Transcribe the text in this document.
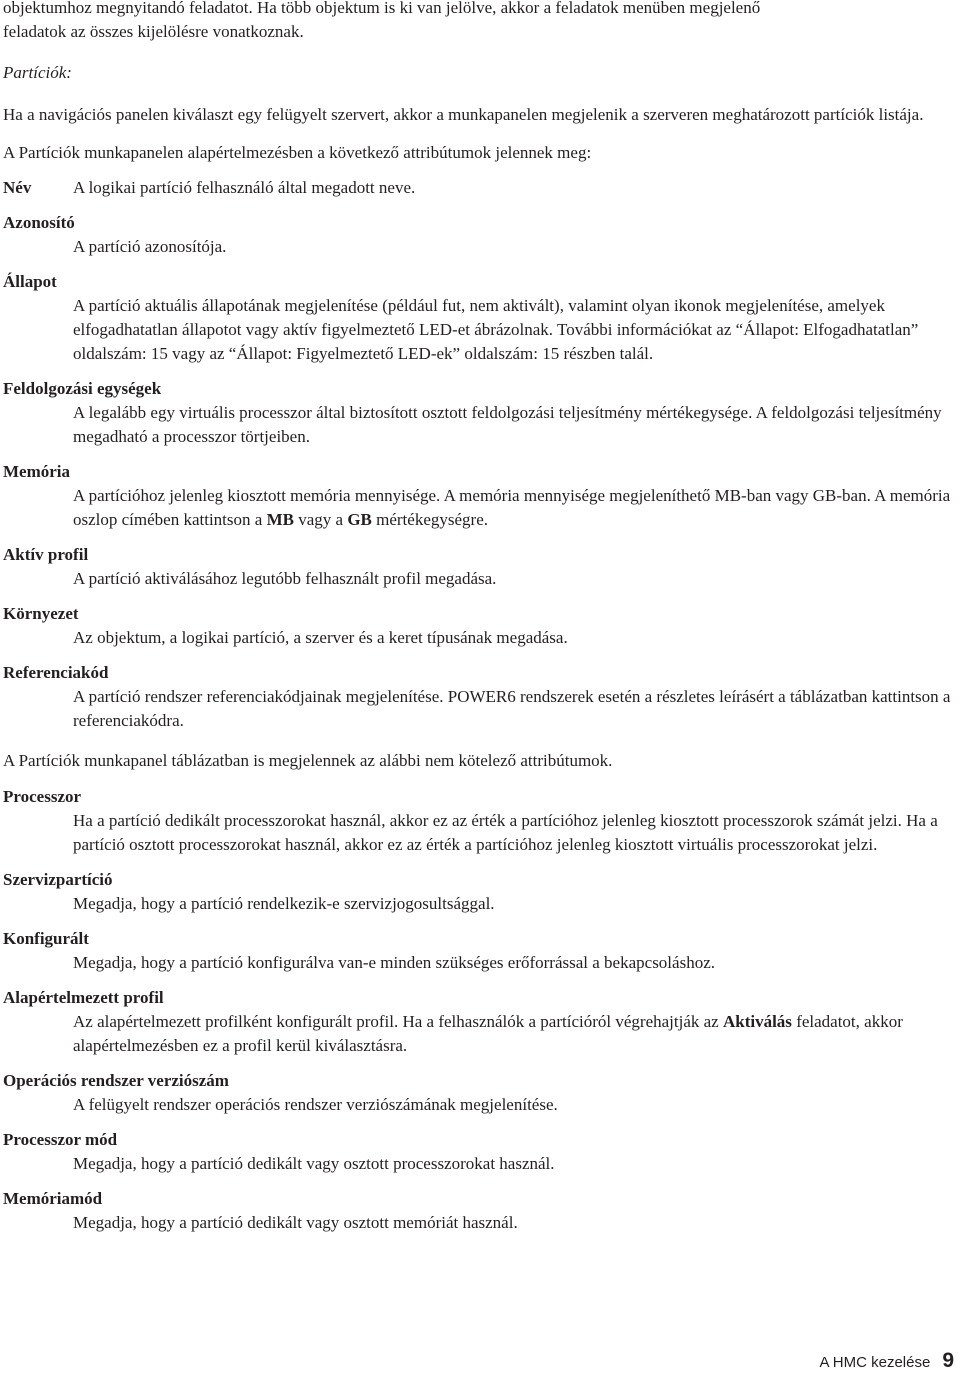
objektumhoz megnyitandó feladatot. Ha több objektum is ki van jelölve, akkor a feladatok menüben megjelenő
feladatok az összes kijelölésre vonatkoznak.

Partíciók:

Ha a navigációs panelen kiválaszt egy felügyelt szervert, akkor a munkapanelen megjelenik a szerveren meghatározott partíciók listája.

A Partíciók munkapanelen alapértelmezésben a következő attribútumok jelennek meg:

Név	A logikai partíció felhasználó által megadott neve.
Azonosító
A partíció azonosítója.
Állapot
A partíció aktuális állapotának megjelenítése (például fut, nem aktivált), valamint olyan ikonok megjelenítése, amelyek elfogadhatatlan állapotot vagy aktív figyelmeztető LED-et ábrázolnak. További információkat az “Állapot: Elfogadhatatlan” oldalszám: 15 vagy az “Állapot: Figyelmeztető LED-ek” oldalszám: 15 részben talál.
Feldolgozási egységek
A legalább egy virtuális processzor által biztosított osztott feldolgozási teljesítmény mértékegysége. A feldolgozási teljesítmény megadható a processzor törtjeiben.
Memória
A partícióhoz jelenleg kiosztott memória mennyisége. A memória mennyisége megjeleníthető MB-ban vagy GB-ban. A memória oszlop címében kattintson a MB vagy a GB mértékegységre.
Aktív profil
A partíció aktiválásához legutóbb felhasznált profil megadása.
Környezet
Az objektum, a logikai partíció, a szerver és a keret típusának megadása.
Referenciakód
A partíció rendszer referenciakódjainak megjelenítése. POWER6 rendszerek esetén a részletes leírásért a táblázatban kattintson a referenciakódra.

A Partíciók munkapanel táblázatban is megjelennek az alábbi nem kötelező attribútumok.

Processzor
Ha a partíció dedikált processzorokat használ, akkor ez az érték a partícióhoz jelenleg kiosztott processzorok számát jelzi. Ha a partíció osztott processzorokat használ, akkor ez az érték a partícióhoz jelenleg kiosztott virtuális processzorokat jelzi.
Szervizpartíció
Megadja, hogy a partíció rendelkezik-e szervizjogosultsággal.
Konfigurált
Megadja, hogy a partíció konfigurálva van-e minden szükséges erőforrással a bekapcsoláshoz.
Alapértelmezett profil
Az alapértelmezett profilként konfigurált profil. Ha a felhasználók a partícióról végrehajtják az Aktiválás feladatot, akkor alapértelmezésben ez a profil kerül kiválasztásra.
Operációs rendszer verziószám
A felügyelt rendszer operációs rendszer verziószámának megjelenítése.
Processzor mód
Megadja, hogy a partíció dedikált vagy osztott processzorokat használ.
Memóriamód
Megadja, hogy a partíció dedikált vagy osztott memóriát használ.
A HMC kezelése 9
